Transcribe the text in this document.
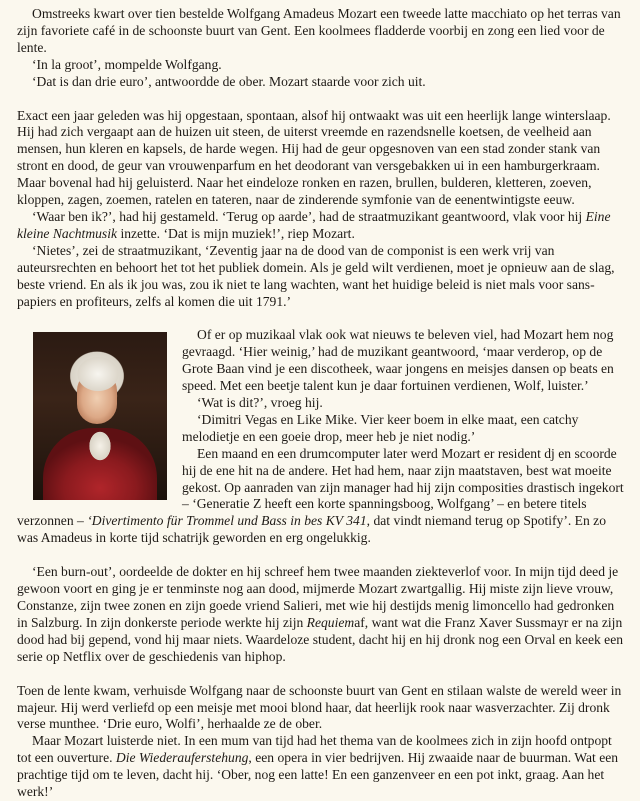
Omstreeks kwart over tien bestelde Wolfgang Amadeus Mozart een tweede latte macchiato op het terras van zijn favoriete café in de schoonste buurt van Gent. Een koolmees fladderde voorbij en zong een lied voor de lente.

‘In la groot’, mompelde Wolfgang.

‘Dat is dan drie euro’, antwoordde de ober. Mozart staarde voor zich uit.

Exact een jaar geleden was hij opgestaan, spontaan, alsof hij ontwaakt was uit een heerlijk lange winterslaap. Hij had zich vergaapt aan de huizen uit steen, de uiterst vreemde en razendsnelle koetsen, de veelheid aan mensen, hun kleren en kapsels, de harde wegen. Hij had de geur opgesnoven van een stad zonder stank van stront en dood, de geur van vrouwenparfum en het deodorant van versgebakken ui in een hamburgerkraam. Maar bovenal had hij geluisterd. Naar het eindeloze ronken en razen, brullen, bulderen, kletteren, zoeven, kloppen, zagen, zoemen, ratelen en tateren, naar de zinderende symfonie van de eenentwintigste eeuw.

‘Waar ben ik?’, had hij gestameld. ‘Terug op aarde’, had de straatmuzikant geantwoord, vlak voor hij Eine kleine Nachtmusik inzette. ‘Dat is mijn muziek!’, riep Mozart.

‘Nietes’, zei de straatmuzikant, ‘Zeventig jaar na de dood van de componist is een werk vrij van auteursrechten en behoort het tot het publiek domein. Als je geld wilt verdienen, moet je opnieuw aan de slag, beste vriend. En als ik jou was, zou ik niet te lang wachten, want het huidige beleid is niet mals voor sans-papiers en profiteurs, zelfs al komen die uit 1791.’

Of er op muzikaal vlak ook wat nieuws te beleven viel, had Mozart hem nog gevraagd. ‘Hier weinig,’ had de muzikant geantwoord, ‘maar verderop, op de Grote Baan vind je een discotheek, waar jongens en meisjes dansen op beats en speed. Met een beetje talent kun je daar fortuinen verdienen, Wolf, luister.’

‘Wat is dit?’, vroeg hij.

‘Dimitri Vegas en Like Mike. Vier keer boem in elke maat, een catchy melodietje en een goeie drop, meer heb je niet nodig.’

Een maand en een drumcomputer later werd Mozart er resident dj en scoorde hij de ene hit na de andere. Het had hem, naar zijn maatstaven, best wat moeite gekost. Op aanraden van zijn manager had hij zijn composities drastisch ingekort – ‘Generatie Z heeft een korte spanningsboog, Wolfgang’ – en betere titels verzonnen – ‘Divertimento für Trommel und Bass in bes KV 341, dat vindt niemand terug op Spotify’. En zo was Amadeus in korte tijd schatrijk geworden en erg ongelukkig.

‘Een burn-out’, oordeelde de dokter en hij schreef hem twee maanden ziekteverlof voor. In mijn tijd deed je gewoon voort en ging je er tenminste nog aan dood, mijmerde Mozart zwartgallig. Hij miste zijn lieve vrouw, Constanze, zijn twee zonen en zijn goede vriend Salieri, met wie hij destijds menig limoncello had gedronken in Salzburg. In zijn donkerste periode werkte hij zijn Requiemaf, want wat die Franz Xaver Sussmayr er na zijn dood had bij gepend, vond hij maar niets. Waardeloze student, dacht hij en hij dronk nog een Orval en keek een serie op Netflix over de geschiedenis van hiphop.

Toen de lente kwam, verhuisde Wolfgang naar de schoonste buurt van Gent en stilaan walste de wereld weer in majeur. Hij werd verliefd op een meisje met mooi blond haar, dat heerlijk rook naar wasverzachter. Zij dronk verse munthee. ‘Drie euro, Wolfi’, herhaalde ze de ober.

Maar Mozart luisterde niet. In een mum van tijd had het thema van de koolmees zich in zijn hoofd ontpopt tot een ouverture. Die Wiederauferstehung, een opera in vier bedrijven. Hij zwaaide naar de buurman. Wat een prachtige tijd om te leven, dacht hij. ‘Ober, nog een latte! En een ganzenveer en een pot inkt, graag. Aan het werk!’
